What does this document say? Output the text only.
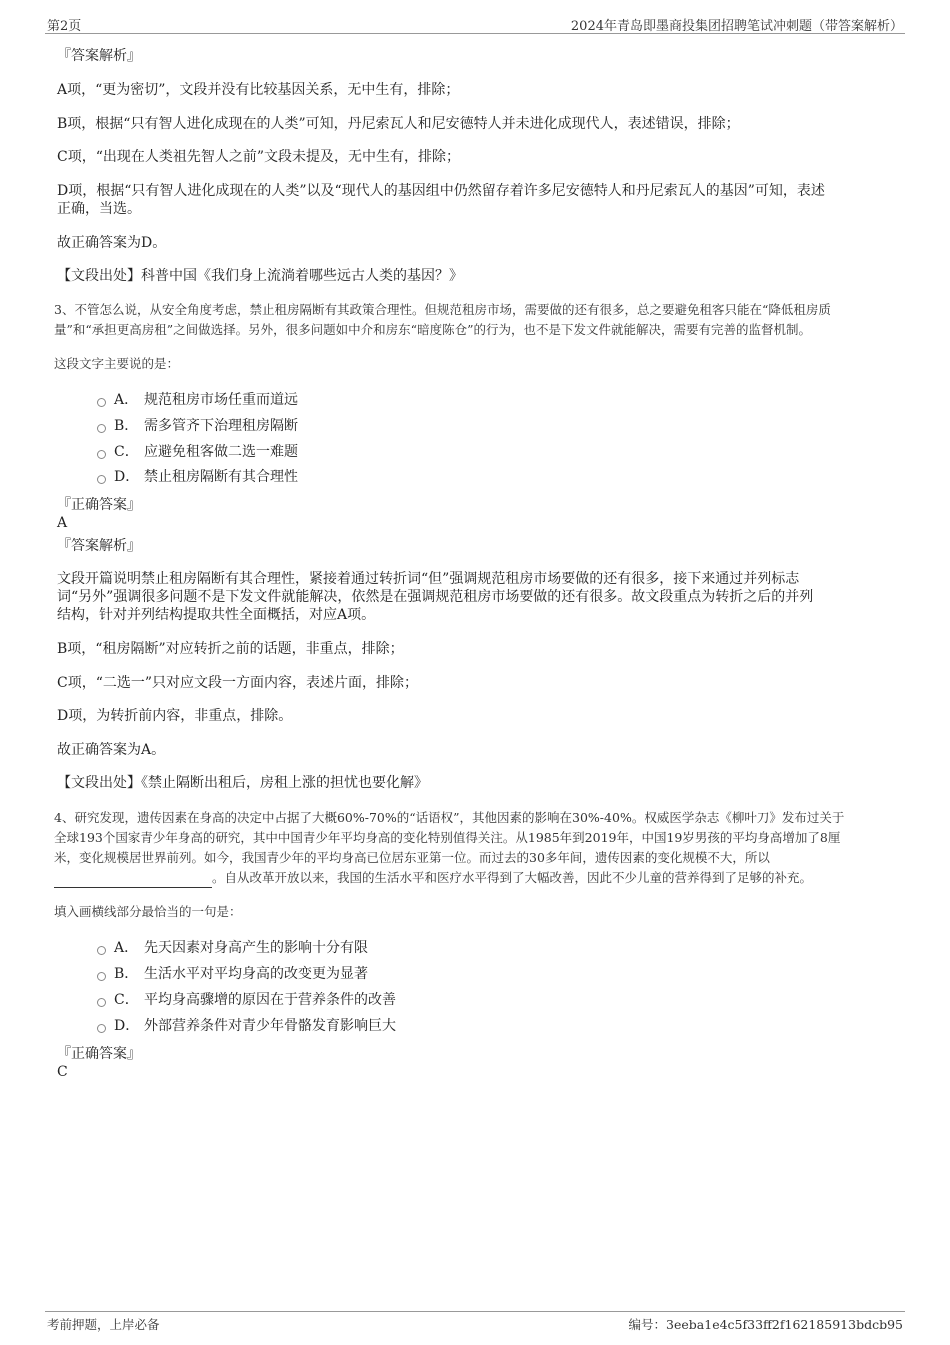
第2页	2024年青岛即墨商投集团招聘笔试冲刺题（带答案解析）
『答案解析』
A项，“更为密切”，文段并没有比较基因关系，无中生有，排除；
B项，根据“只有智人进化成现在的人类”可知，丹尼索瓦人和尼安德特人并未进化成现代人，表述错误，排除；
C项，“出现在人类祖先智人之前”文段未提及，无中生有，排除；
D项，根据“只有智人进化成现在的人类”以及“现代人的基因组中仍然留存着许多尼安德特人和丹尼索瓦人的基因”可知，表述
正确，当选。
故正确答案为D。
【文段出处】科普中国《我们身上流淌着哪些远古人类的基因？》
3、不管怎么说，从安全角度考虑，禁止租房隔断有其政策合理性。但规范租房市场，需要做的还有很多，总之要避免租客只能在“降低租房质
量”和“承担更高房租”之间做选择。另外，很多问题如中介和房东“暗度陈仓”的行为，也不是下发文件就能解决，需要有完善的监督机制。
这段文字主要说的是：
A． 规范租房市场任重而道远
B． 需多管齐下治理租房隔断
C． 应避免租客做二选一难题
D． 禁止租房隔断有其合理性
『正确答案』
A
『答案解析』
文段开篇说明禁止租房隔断有其合理性，紧接着通过转折词“但”强调规范租房市场要做的还有很多，接下来通过并列标志
词“另外”强调很多问题不是下发文件就能解决，依然是在强调规范租房市场要做的还有很多。故文段重点为转折之后的并列
结构，针对并列结构提取共性全面概括，对应A项。
B项，“租房隔断”对应转折之前的话题，非重点，排除；
C项，“二选一”只对应文段一方面内容，表述片面，排除；
D项，为转折前内容，非重点，排除。
故正确答案为A。
【文段出处】《禁止隔断出租后，房租上涨的担忧也要化解》
4、研究发现，遗传因素在身高的决定中占据了大概60%-70%的“话语权”，其他因素的影响在30%-40%。权威医学杂志《柳叶刀》发布过关于
全球193个国家青少年身高的研究，其中中国青少年平均身高的变化特别值得关注。从1985年到2019年，中国19岁男孩的平均身高增加了8厘
米，变化规模居世界前列。如今，我国青少年的平均身高已位居东亚第一位。而过去的30多年间，遗传因素的变化规模不大，所以
。自从改革开放以来，我国的生活水平和医疗水平得到了大幅改善，因此不少儿童的营养得到了足够的补充。
填入画横线部分最恰当的一句是：
A． 先天因素对身高产生的影响十分有限
B． 生活水平对平均身高的改变更为显著
C． 平均身高骤增的原因在于营养条件的改善
D． 外部营养条件对青少年骨骼发育影响巨大
『正确答案』
C
考前押题，上岸必备	编号：3eeba1e4c5f33ff2f162185913bdcb95
